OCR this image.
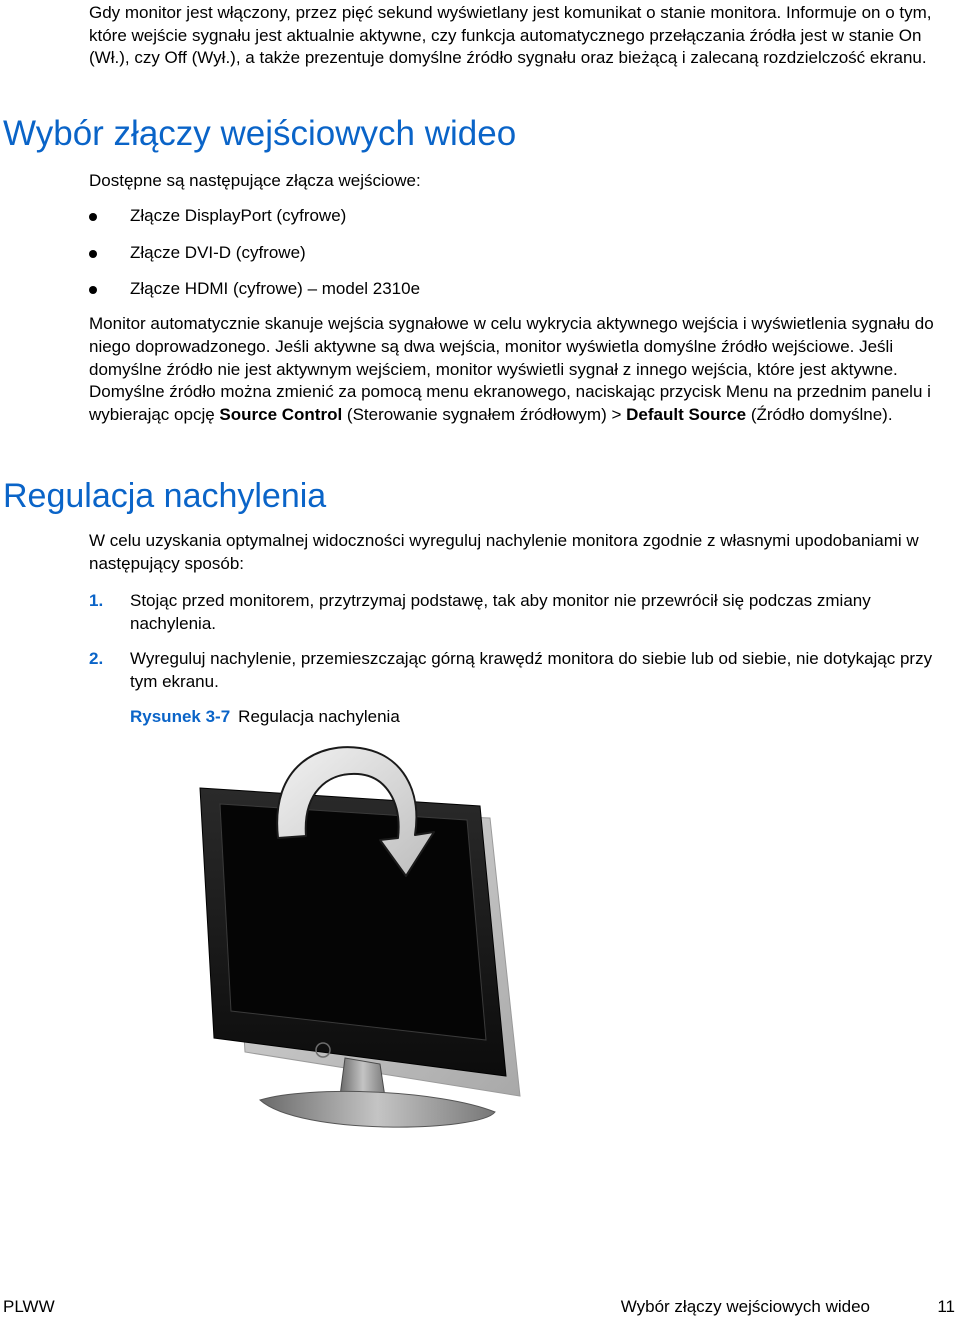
Gdy monitor jest włączony, przez pięć sekund wyświetlany jest komunikat o stanie monitora. Informuje on o tym, które wejście sygnału jest aktualnie aktywne, czy funkcja automatycznego przełączania źródła jest w stanie On (Wł.), czy Off (Wył.), a także prezentuje domyślne źródło sygnału oraz bieżącą i zalecaną rozdzielczość ekranu.

Wybór złączy wejściowych wideo

Dostępne są następujące złącza wejściowe:

Złącze DisplayPort (cyfrowe)
Złącze DVI-D (cyfrowe)
Złącze HDMI (cyfrowe) – model 2310e

Monitor automatycznie skanuje wejścia sygnałowe w celu wykrycia aktywnego wejścia i wyświetlenia sygnału do niego doprowadzonego. Jeśli aktywne są dwa wejścia, monitor wyświetla domyślne źródło wejściowe. Jeśli domyślne źródło nie jest aktywnym wejściem, monitor wyświetli sygnał z innego wejścia, które jest aktywne. Domyślne źródło można zmienić za pomocą menu ekranowego, naciskając przycisk Menu na przednim panelu i wybierając opcję Source Control (Sterowanie sygnałem źródłowym) > Default Source (Źródło domyślne).

Regulacja nachylenia

W celu uzyskania optymalnej widoczności wyreguluj nachylenie monitora zgodnie z własnymi upodobaniami w następujący sposób:

1. Stojąc przed monitorem, przytrzymaj podstawę, tak aby monitor nie przewrócił się podczas zmiany nachylenia.
2. Wyreguluj nachylenie, przemieszczając górną krawędź monitora do siebie lub od siebie, nie dotykając przy tym ekranu.

Rysunek 3-7 Regulacja nachylenia

PLWW	Wybór złączy wejściowych wideo	11
